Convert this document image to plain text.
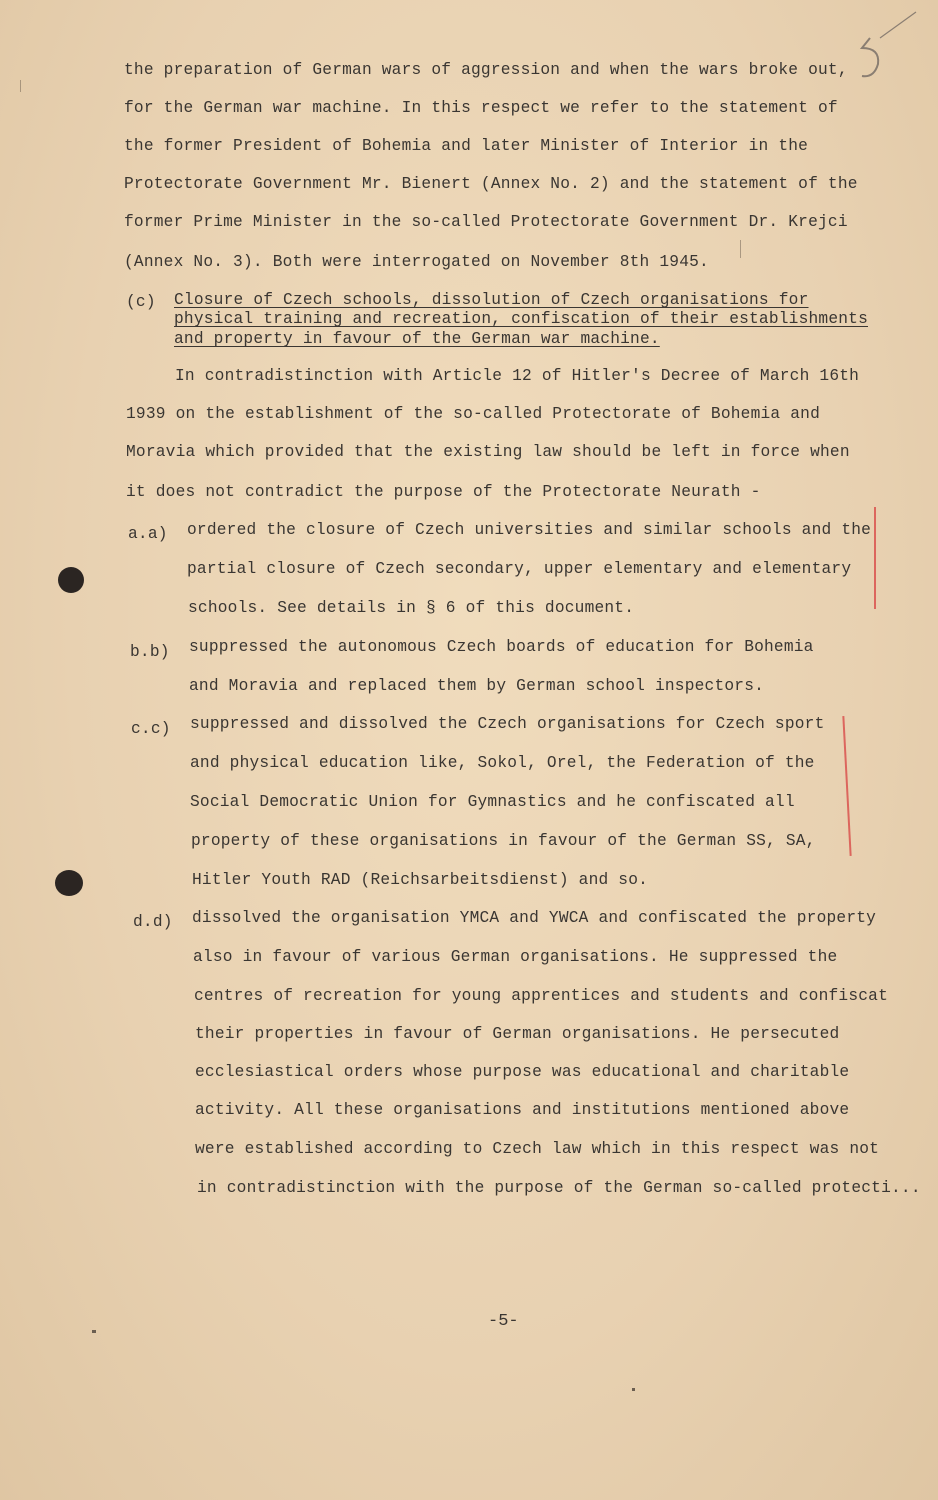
the preparation of German wars of aggression and when the wars broke out,
for the German war machine. In this respect we refer to the statement of
the former President of Bohemia and later Minister of Interior in the
Protectorate Government Mr. Bienert (Annex No. 2) and the statement of the
former Prime Minister in the so-called Protectorate Government Dr. Krejci
(Annex No. 3). Both were interrogated on November 8th 1945.
(c) Closure of Czech schools, dissolution of Czech organisations for
physical training and recreation, confiscation of their establishments
and property in favour of the German war machine.
In contradistinction with Article 12 of Hitler's Decree of March 16th
1939 on the establishment of the so-called Protectorate of Bohemia and
Moravia which provided that the existing law should be left in force when
it does not contradict the purpose of the Protectorate Neurath -
a.a) ordered the closure of Czech universities and similar schools and the
partial closure of Czech secondary, upper elementary and elementary
schools. See details in § 6 of this document.
b.b) suppressed the autonomous Czech boards of education for Bohemia
and Moravia and replaced them by German school inspectors.
c.c) suppressed and dissolved the Czech organisations for Czech sport
and physical education like, Sokol, Orel, the Federation of the
Social Democratic Union for Gymnastics and he confiscated all
property of these organisations in favour of the German SS, SA,
Hitler Youth RAD (Reichsarbeitsdienst) and so.
d.d) dissolved the organisation YMCA and YWCA and confiscated the property
also in favour of various German organisations. He suppressed the
centres of recreation for young apprentices and students and confiscat
their properties in favour of German organisations. He persecuted
ecclesiastical orders whose purpose was educational and charitable
activity. All these organisations and institutions mentioned above
were established according to Czech law which in this respect was not
in contradistinction with the purpose of the German so-called protecti...
-5-
